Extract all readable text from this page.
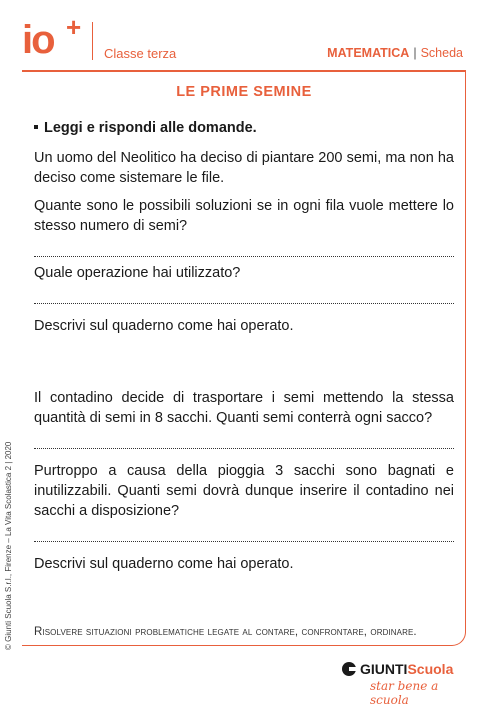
io +
Classe terza	MATEMATICA | Scheda
LE PRIME SEMINE
Leggi e rispondi alle domande.

Un uomo del Neolitico ha deciso di piantare 200 semi, ma non ha deciso come sistemare le file.

Quante sono le possibili soluzioni se in ogni fila vuole mettere lo stesso numero di semi?

Quale operazione hai utilizzato?

Descrivi sul quaderno come hai operato.

Il contadino decide di trasportare i semi mettendo la stessa quantità di semi in 8 sacchi. Quanti semi conterrà ogni sacco?

Purtroppo a causa della pioggia 3 sacchi sono bagnati e inutilizzabili. Quanti semi dovrà dunque inserire il contadino nei sacchi a disposizione?

Descrivi sul quaderno come hai operato.

Risolvere situazioni problematiche legate al contare, confrontare, ordinare.
© Giunti Scuola S.r.l., Firenze – La Vita Scolastica 2 | 2020
GIUNTIScuola
star bene a scuola
